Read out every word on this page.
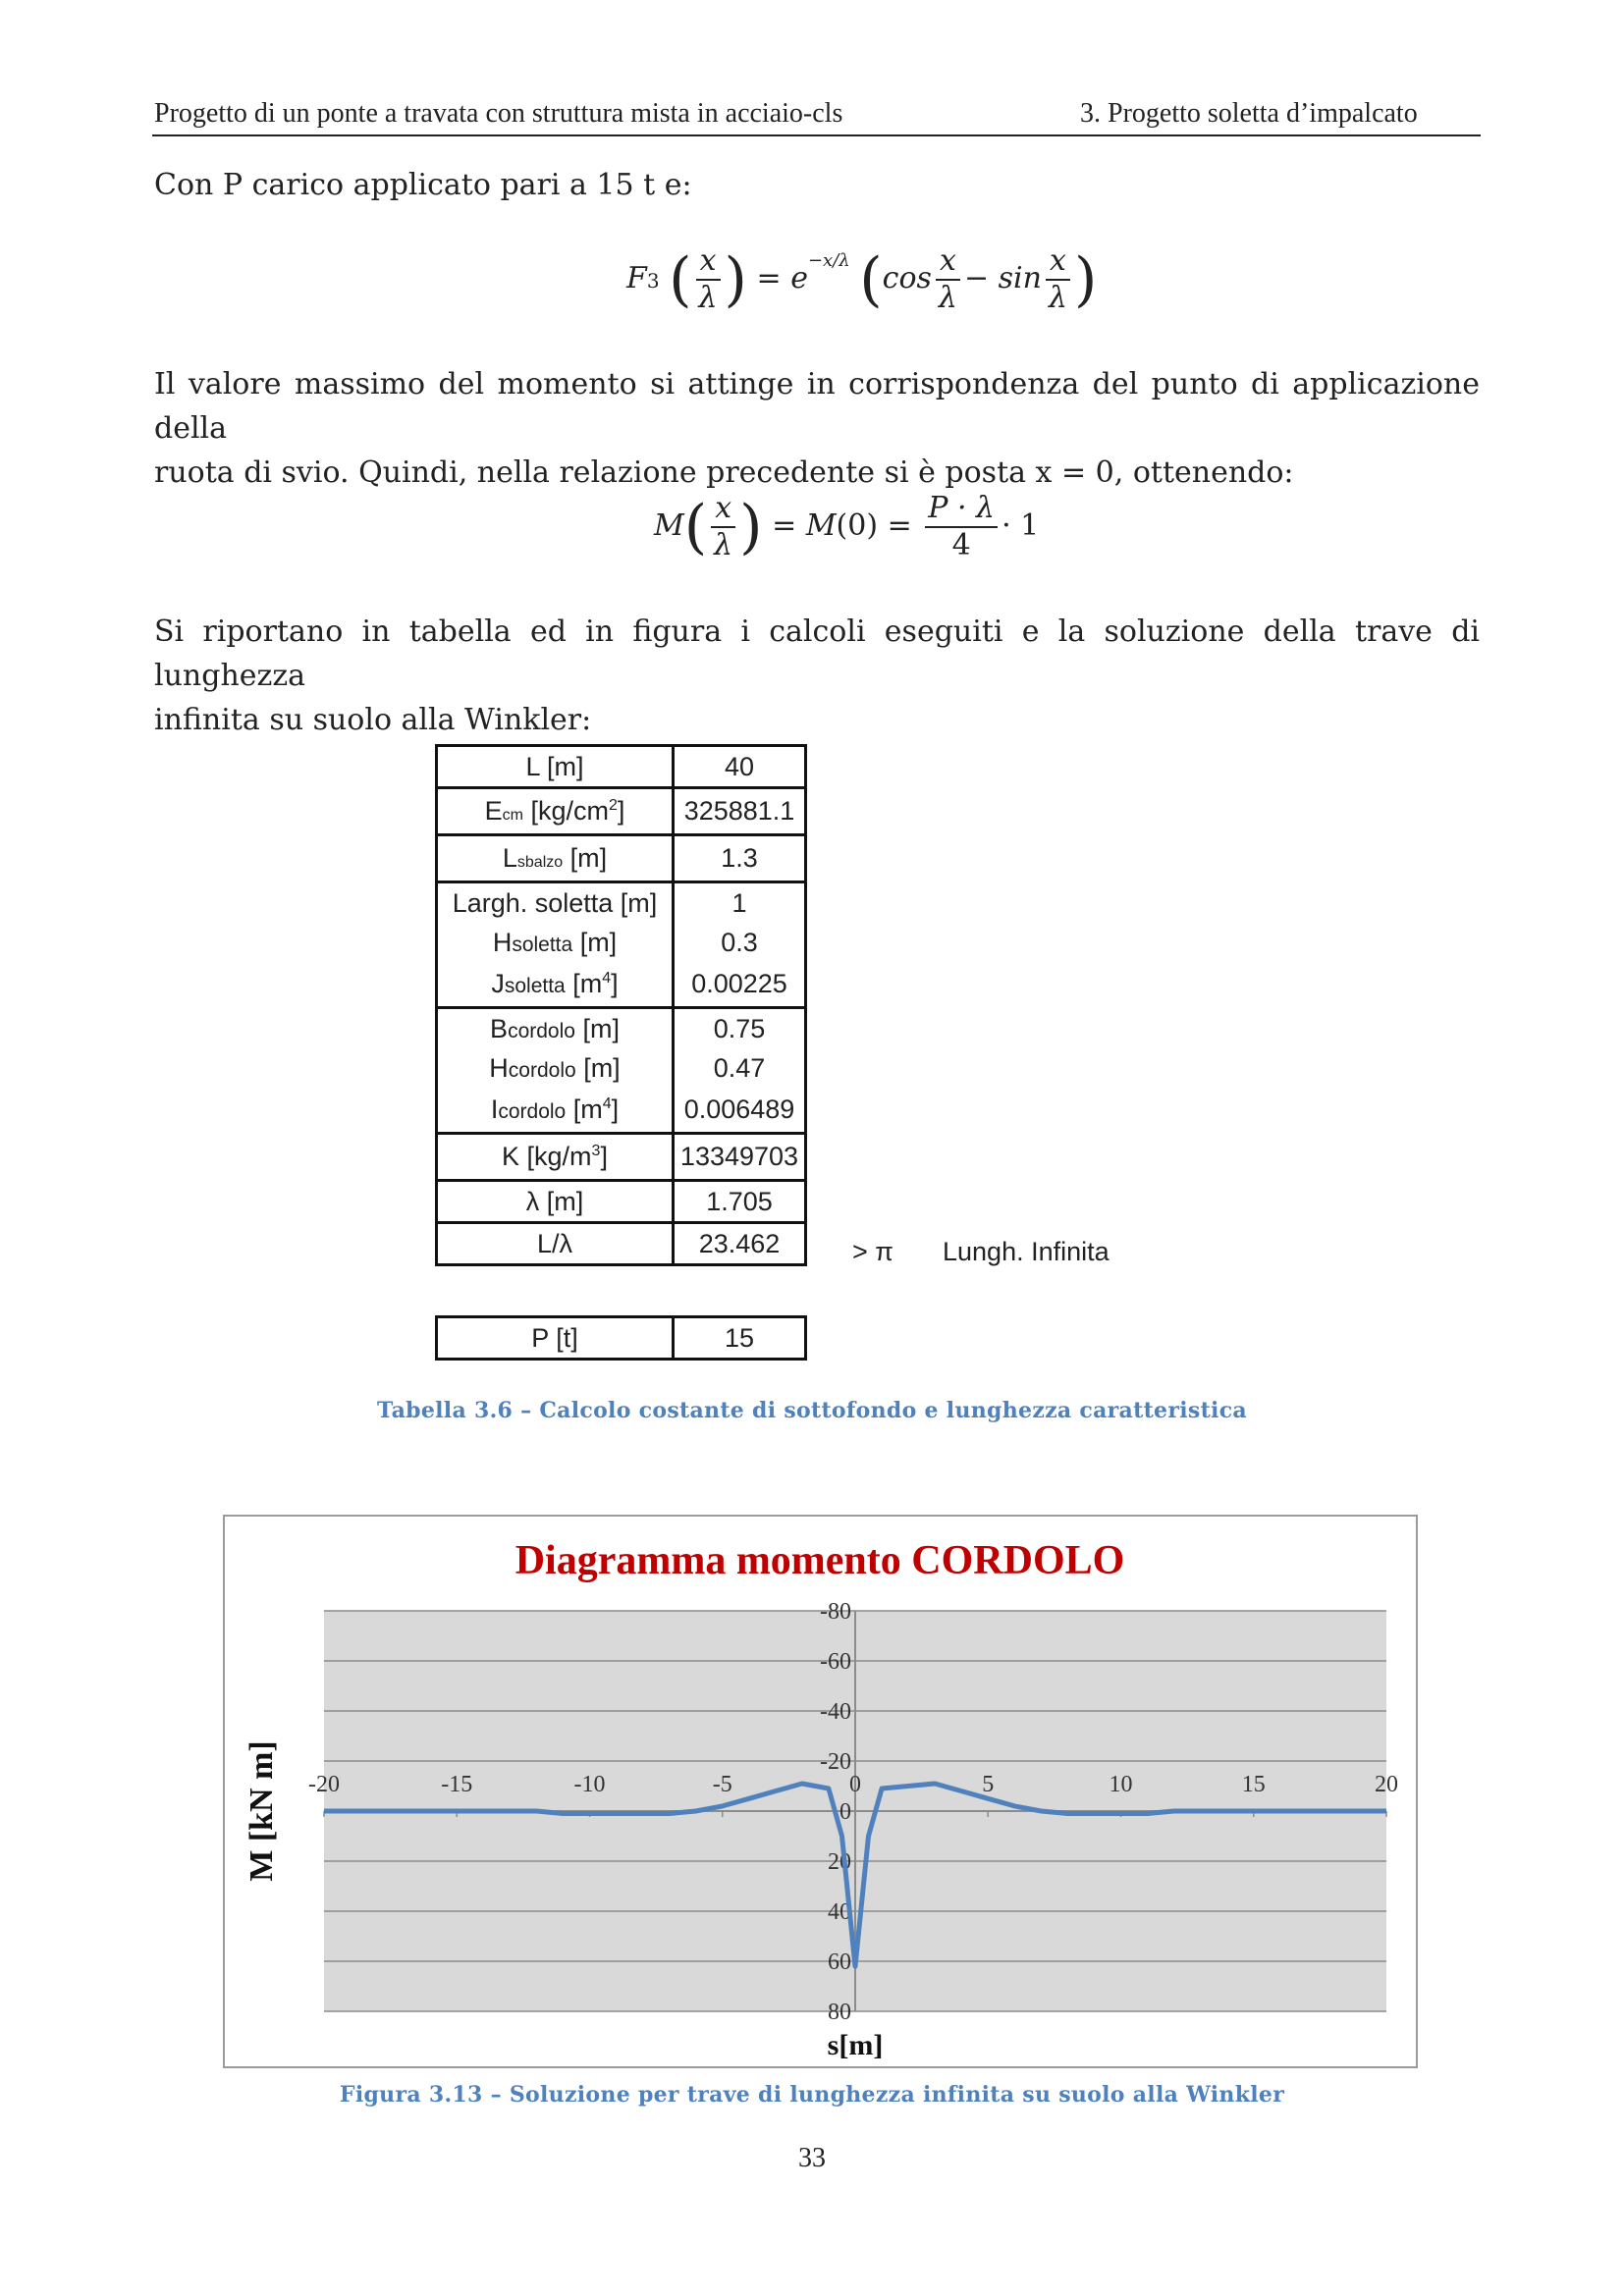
Progetto di un ponte a travata con struttura mista in acciaio-cls	3. Progetto soletta d’impalcato
Con P carico applicato pari a 15 t e:
F3 ( $\frac{x}{\lambda}$ ) = $e^{-x/\lambda}$ ($\cos \frac{x}{\lambda} - \sin \frac{x}{\lambda}$ )
Il valore massimo del momento si attinge in corrispondenza del punto di applicazione della
ruota di svio. Quindi, nella relazione precedente si è posta x = 0, ottenendo:
$M( \frac{x}{\lambda}$ ) = $M(0) = \frac{P \cdot \lambda}{4} \cdot 1$
Si riportano in tabella ed in figura i calcoli eseguiti e la soluzione della trave di lunghezza
infinita su suolo alla Winkler:
L [m]	40
Ecm $[kg/cm^2]$	325881.1
Lsbalzo [m]	1.3
Largh. soletta [m]	1
Hsoletta [m]	0.3
Jsoletta $[m^4]$	0.00225
Bcordolo [m]	0.75
Hcordolo [m]	0.47
Icordolo $[m^4]$	0.006489
K $[kg/m^3]$	13349703
λ [m]	1.705
L/λ	23.462	> π Lungh. Infinita
P [t]	15
Tabella 3.6 – Calcolo costante di sottofondo e lunghezza caratteristica
Diagramma momento CORDOLO
-80
-60
-40
-20
0
20
40
60
80
-20	-15	-10	-5	0	5	10	15	20
s[m]
M [kN m]
Figura 3.13 – Soluzione per trave di lunghezza infinita su suolo alla Winkler
33
